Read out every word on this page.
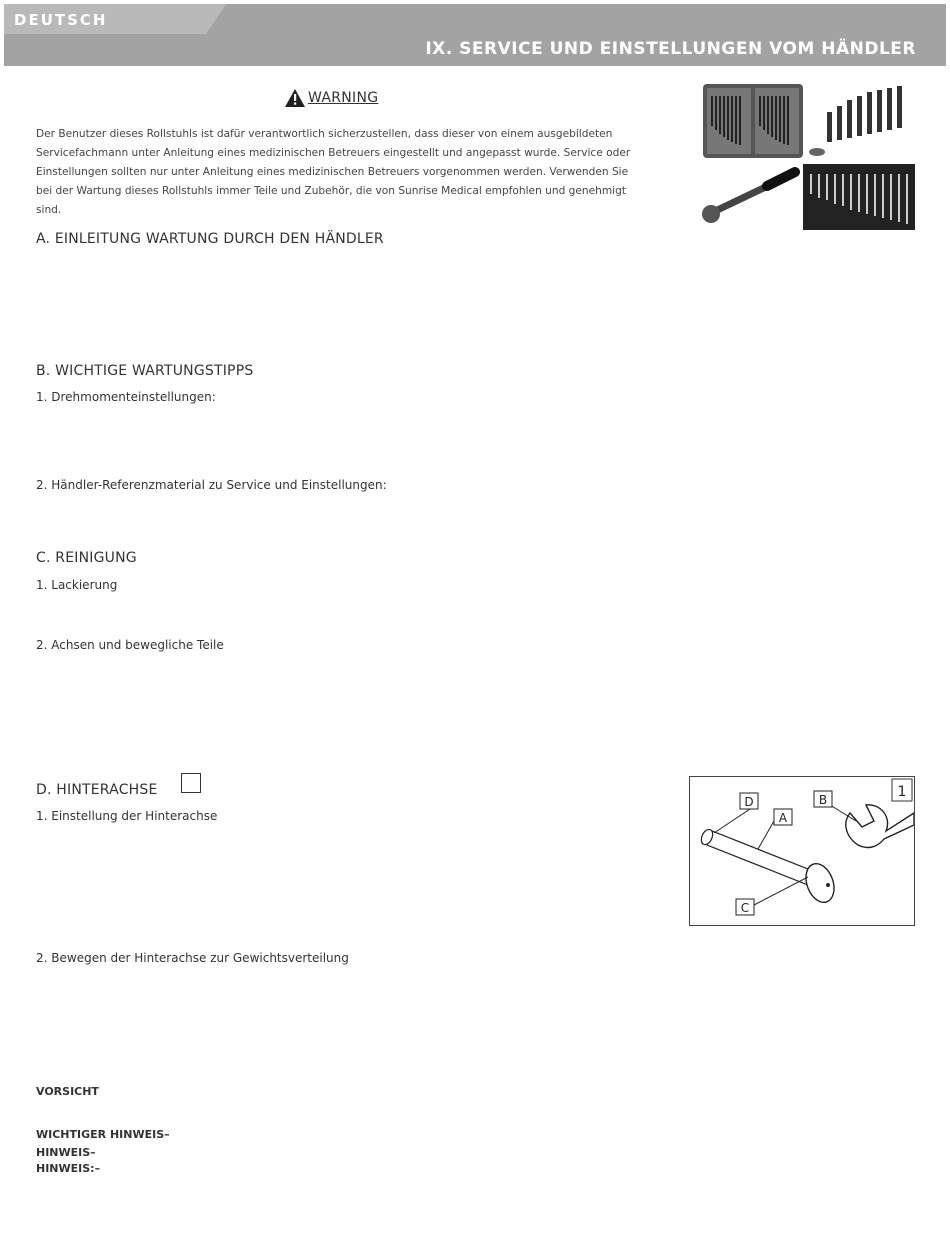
DEUTSCH
IX. SERVICE UND EINSTELLUNGEN VOM HÄNDLER
WARNING
Der Benutzer dieses Rollstuhls ist dafür verantwortlich sicherzustellen, dass dieser von einem ausgebildeten Servicefachmann unter Anleitung eines medizinischen Betreuers eingestellt und angepasst wurde. Service oder Einstellungen sollten nur unter Anleitung eines medizinischen Betreuers vorgenommen werden. Verwenden Sie bei der Wartung dieses Rollstuhls immer Teile und Zubehör, die von Sunrise Medical empfohlen und genehmigt sind.
A. EINLEITUNG WARTUNG DURCH DEN HÄNDLER
B. WICHTIGE WARTUNGSTIPPS
1. Drehmomenteinstellungen:
2. Händler-Referenzmaterial zu Service und Einstellungen:
C. REINIGUNG
1. Lackierung
2. Achsen und bewegliche Teile
D. HINTERACHSE
1. Einstellung der Hinterachse
2. Bewegen der Hinterachse zur Gewichtsverteilung
VORSICHT
WICHTIGER HINWEIS–
HINWEIS–
HINWEIS:–
1
D
A
B
C
